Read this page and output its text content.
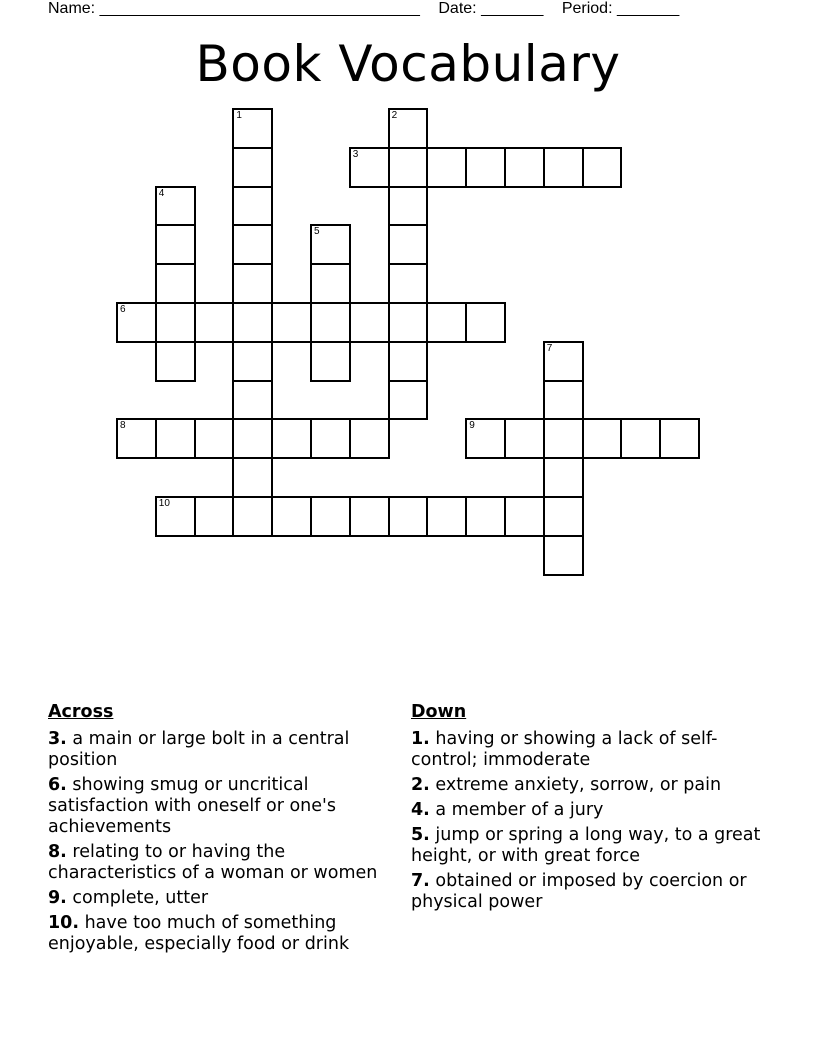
Name: ____________________________________ Date: _______ Period: _______
Book Vocabulary
3
6
8	9
10
1	2
4
5
7
Across
3. a main or large bolt in a central position
6. showing smug or uncritical satisfaction with oneself or one's achievements
8. relating to or having the characteristics of a woman or women
9. complete, utter
10. have too much of something enjoyable, especially food or drink
Down
1. having or showing a lack of self-control; immoderate
2. extreme anxiety, sorrow, or pain
4. a member of a jury
5. jump or spring a long way, to a great height, or with great force
7. obtained or imposed by coercion or physical power
